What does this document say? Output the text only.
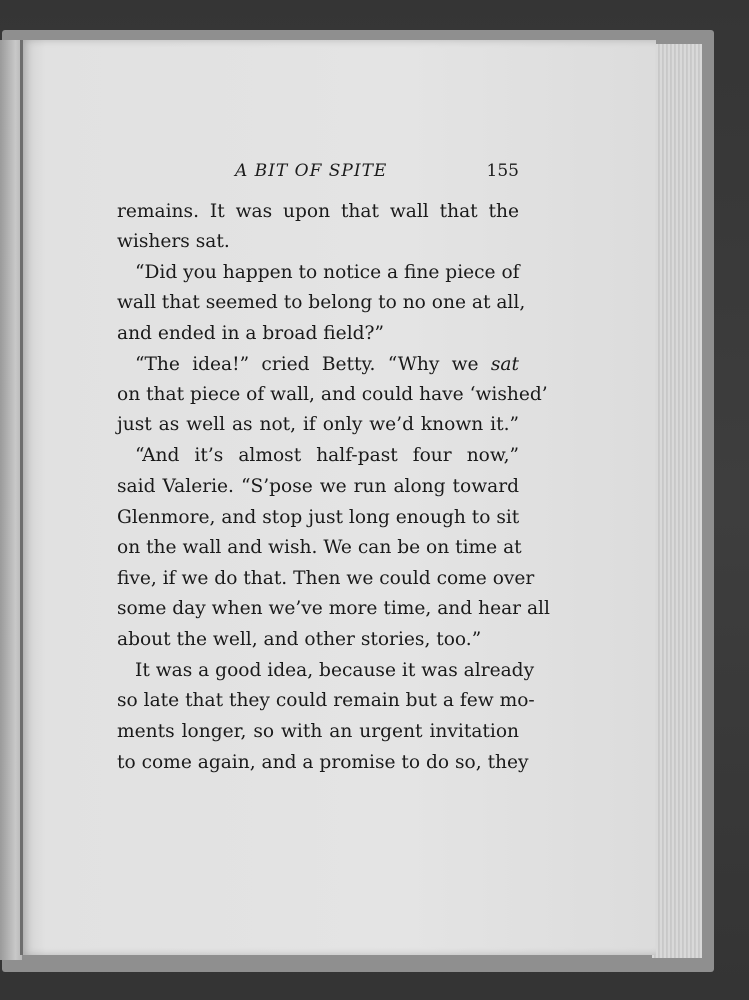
A BIT OF SPITE	155
remains. It was upon that wall that the
wishers sat.
“Did you happen to notice a fine piece of
wall that seemed to belong to no one at all,
and ended in a broad field?”
“The idea!” cried Betty. “Why we sat
on that piece of wall, and could have ‘wished’
just as well as not, if only we’d known it.”
“And it’s almost half-past four now,”
said Valerie. “S’pose we run along toward
Glenmore, and stop just long enough to sit
on the wall and wish. We can be on time at
five, if we do that. Then we could come over
some day when we’ve more time, and hear all
about the well, and other stories, too.”
It was a good idea, because it was already
so late that they could remain but a few mo-
ments longer, so with an urgent invitation
to come again, and a promise to do so, they
